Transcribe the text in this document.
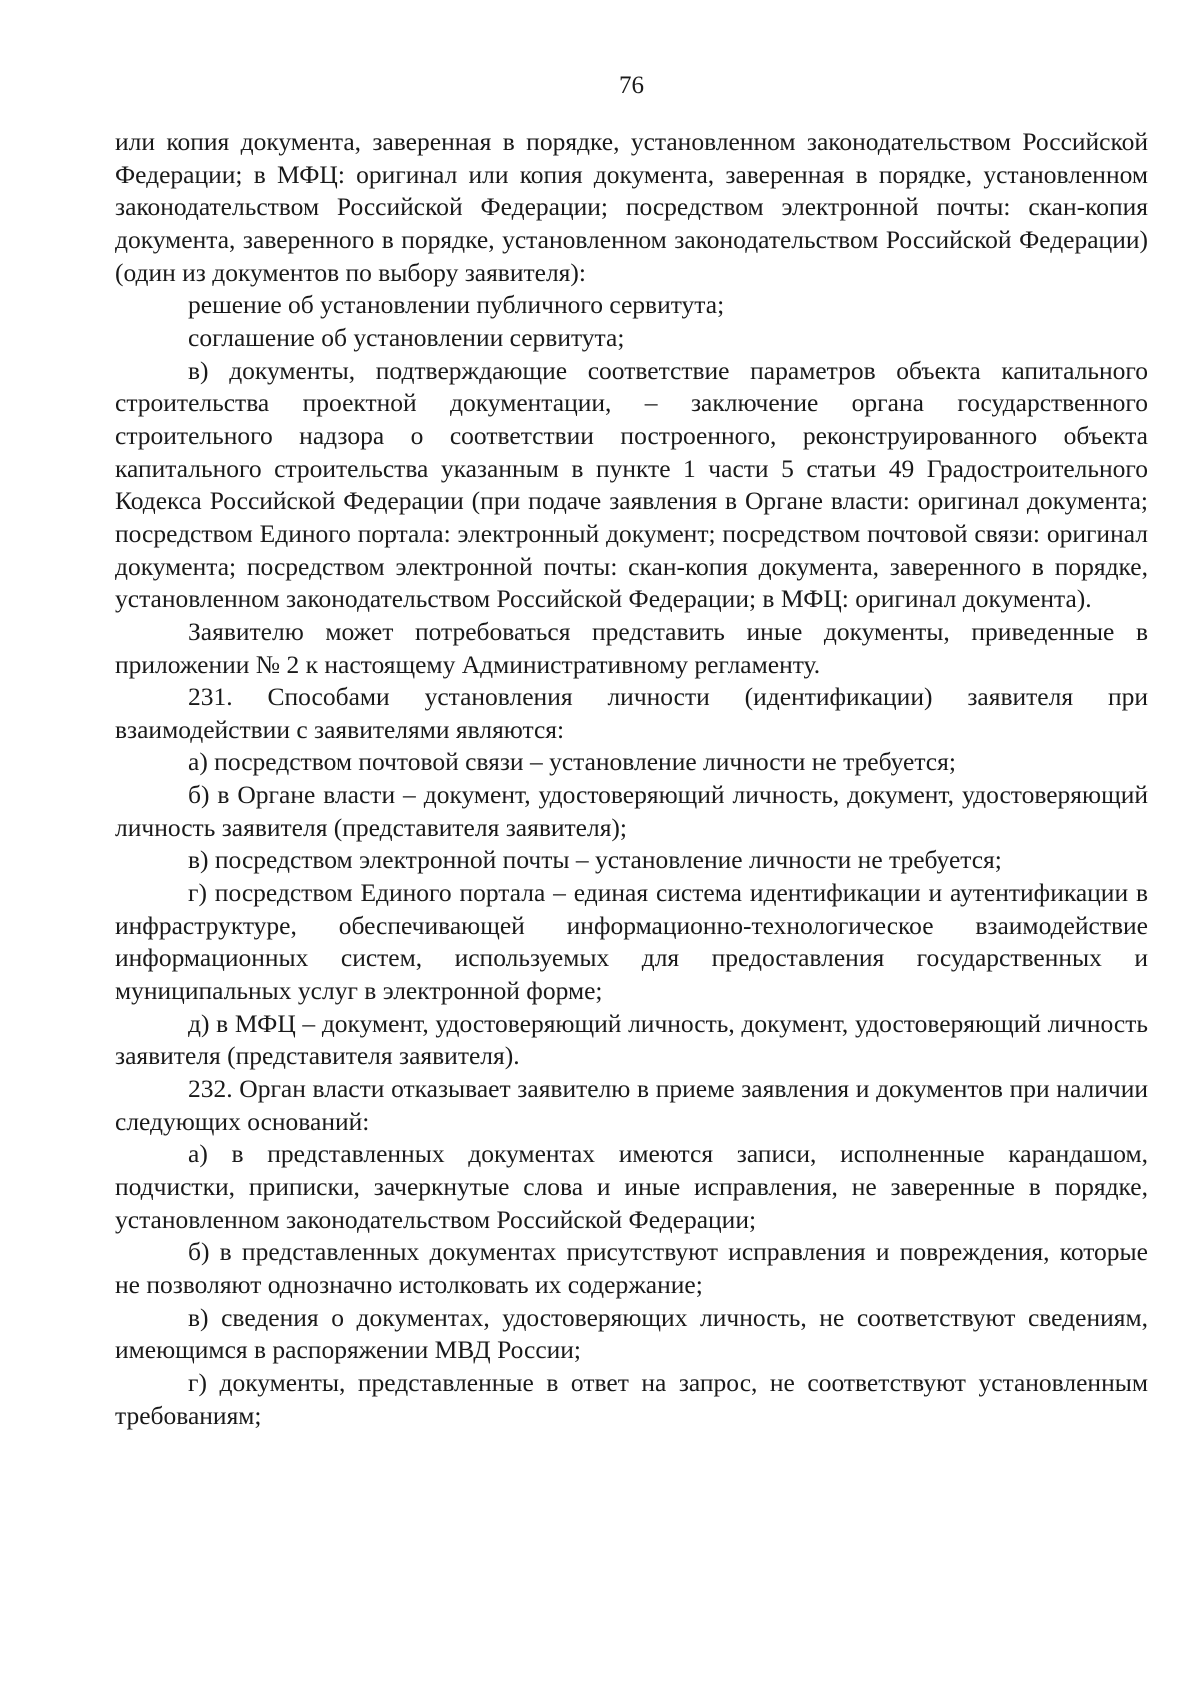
76

или копия документа, заверенная в порядке, установленном законодательством Российской Федерации; в МФЦ: оригинал или копия документа, заверенная в порядке, установленном законодательством Российской Федерации; посредством электронной почты: скан-копия документа, заверенного в порядке, установленном законодательством Российской Федерации) (один из документов по выбору заявителя):

решение об установлении публичного сервитута;

соглашение об установлении сервитута;

в) документы, подтверждающие соответствие параметров объекта капитального строительства проектной документации, – заключение органа государственного строительного надзора о соответствии построенного, реконструированного объекта капитального строительства указанным в пункте 1 части 5 статьи 49 Градостроительного Кодекса Российской Федерации (при подаче заявления в Органе власти: оригинал документа; посредством Единого портала: электронный документ; посредством почтовой связи: оригинал документа; посредством электронной почты: скан-копия документа, заверенного в порядке, установленном законодательством Российской Федерации; в МФЦ: оригинал документа).

Заявителю может потребоваться представить иные документы, приведенные в приложении № 2 к настоящему Административному регламенту.

231. Способами установления личности (идентификации) заявителя при взаимодействии с заявителями являются:

а) посредством почтовой связи – установление личности не требуется;

б) в Органе власти – документ, удостоверяющий личность, документ, удостоверяющий личность заявителя (представителя заявителя);

в) посредством электронной почты – установление личности не требуется;

г) посредством Единого портала – единая система идентификации и аутентификации в инфраструктуре, обеспечивающей информационно-технологическое взаимодействие информационных систем, используемых для предоставления государственных и муниципальных услуг в электронной форме;

д) в МФЦ – документ, удостоверяющий личность, документ, удостоверяющий личность заявителя (представителя заявителя).

232. Орган власти отказывает заявителю в приеме заявления и документов при наличии следующих оснований:

а) в представленных документах имеются записи, исполненные карандашом, подчистки, приписки, зачеркнутые слова и иные исправления, не заверенные в порядке, установленном законодательством Российской Федерации;

б) в представленных документах присутствуют исправления и повреждения, которые не позволяют однозначно истолковать их содержание;

в) сведения о документах, удостоверяющих личность, не соответствуют сведениям, имеющимся в распоряжении МВД России;

г) документы, представленные в ответ на запрос, не соответствуют установленным требованиям;
